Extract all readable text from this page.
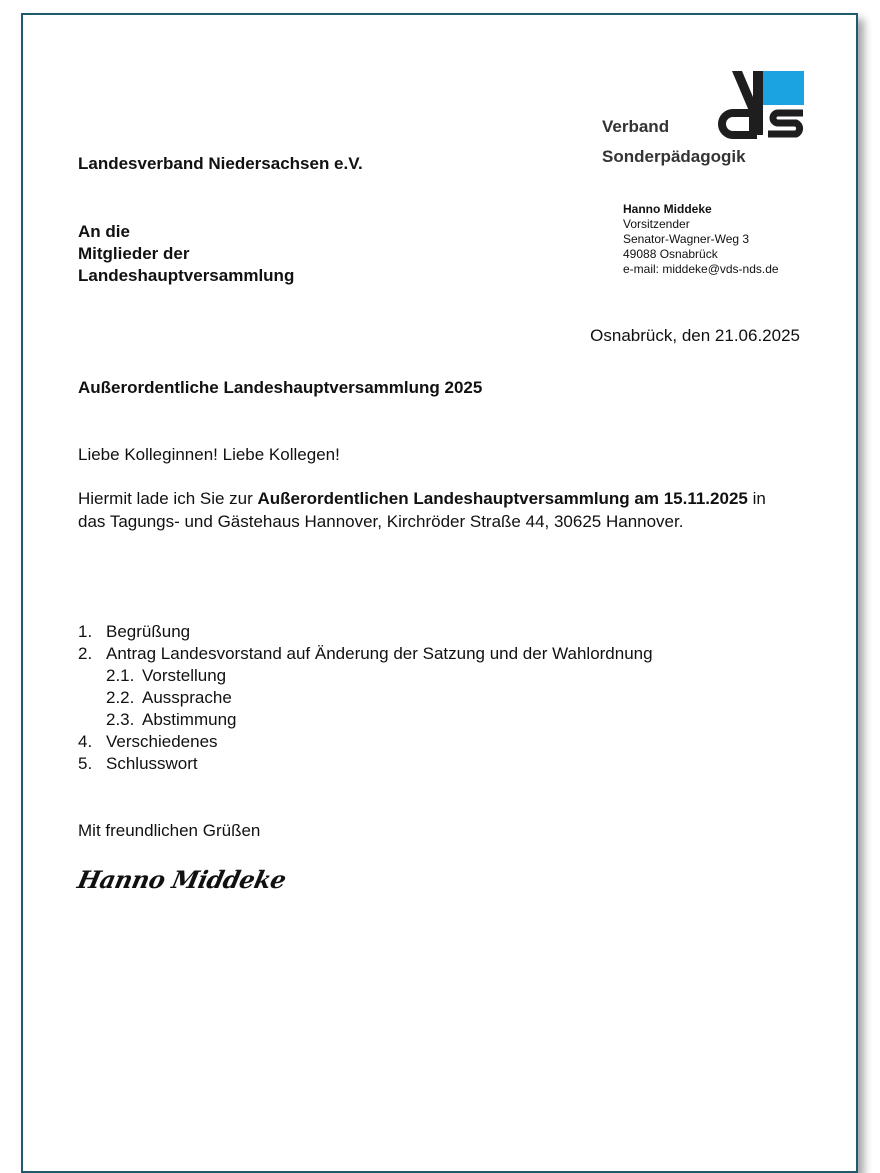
Verband
Sonderpädagogik
Landesverband Niedersachsen e.V.
An die
Mitglieder der
Landeshauptversammlung
Hanno Middeke
Vorsitzender
Senator-Wagner-Weg 3
49088 Osnabrück
e-mail: middeke@vds-nds.de
Osnabrück, den 21.06.2025
Außerordentliche Landeshauptversammlung 2025
Liebe Kolleginnen! Liebe Kollegen!
Hiermit lade ich Sie zur Außerordentlichen Landeshauptversammlung am 15.11.2025 in das Tagungs- und Gästehaus Hannover, Kirchröder Straße 44, 30625 Hannover.
1. Begrüßung
2. Antrag Landesvorstand auf Änderung der Satzung und der Wahlordnung
2.1. Vorstellung
2.2. Aussprache
2.3. Abstimmung
4. Verschiedenes
5. Schlusswort
Mit freundlichen Grüßen
Hanno Middeke
